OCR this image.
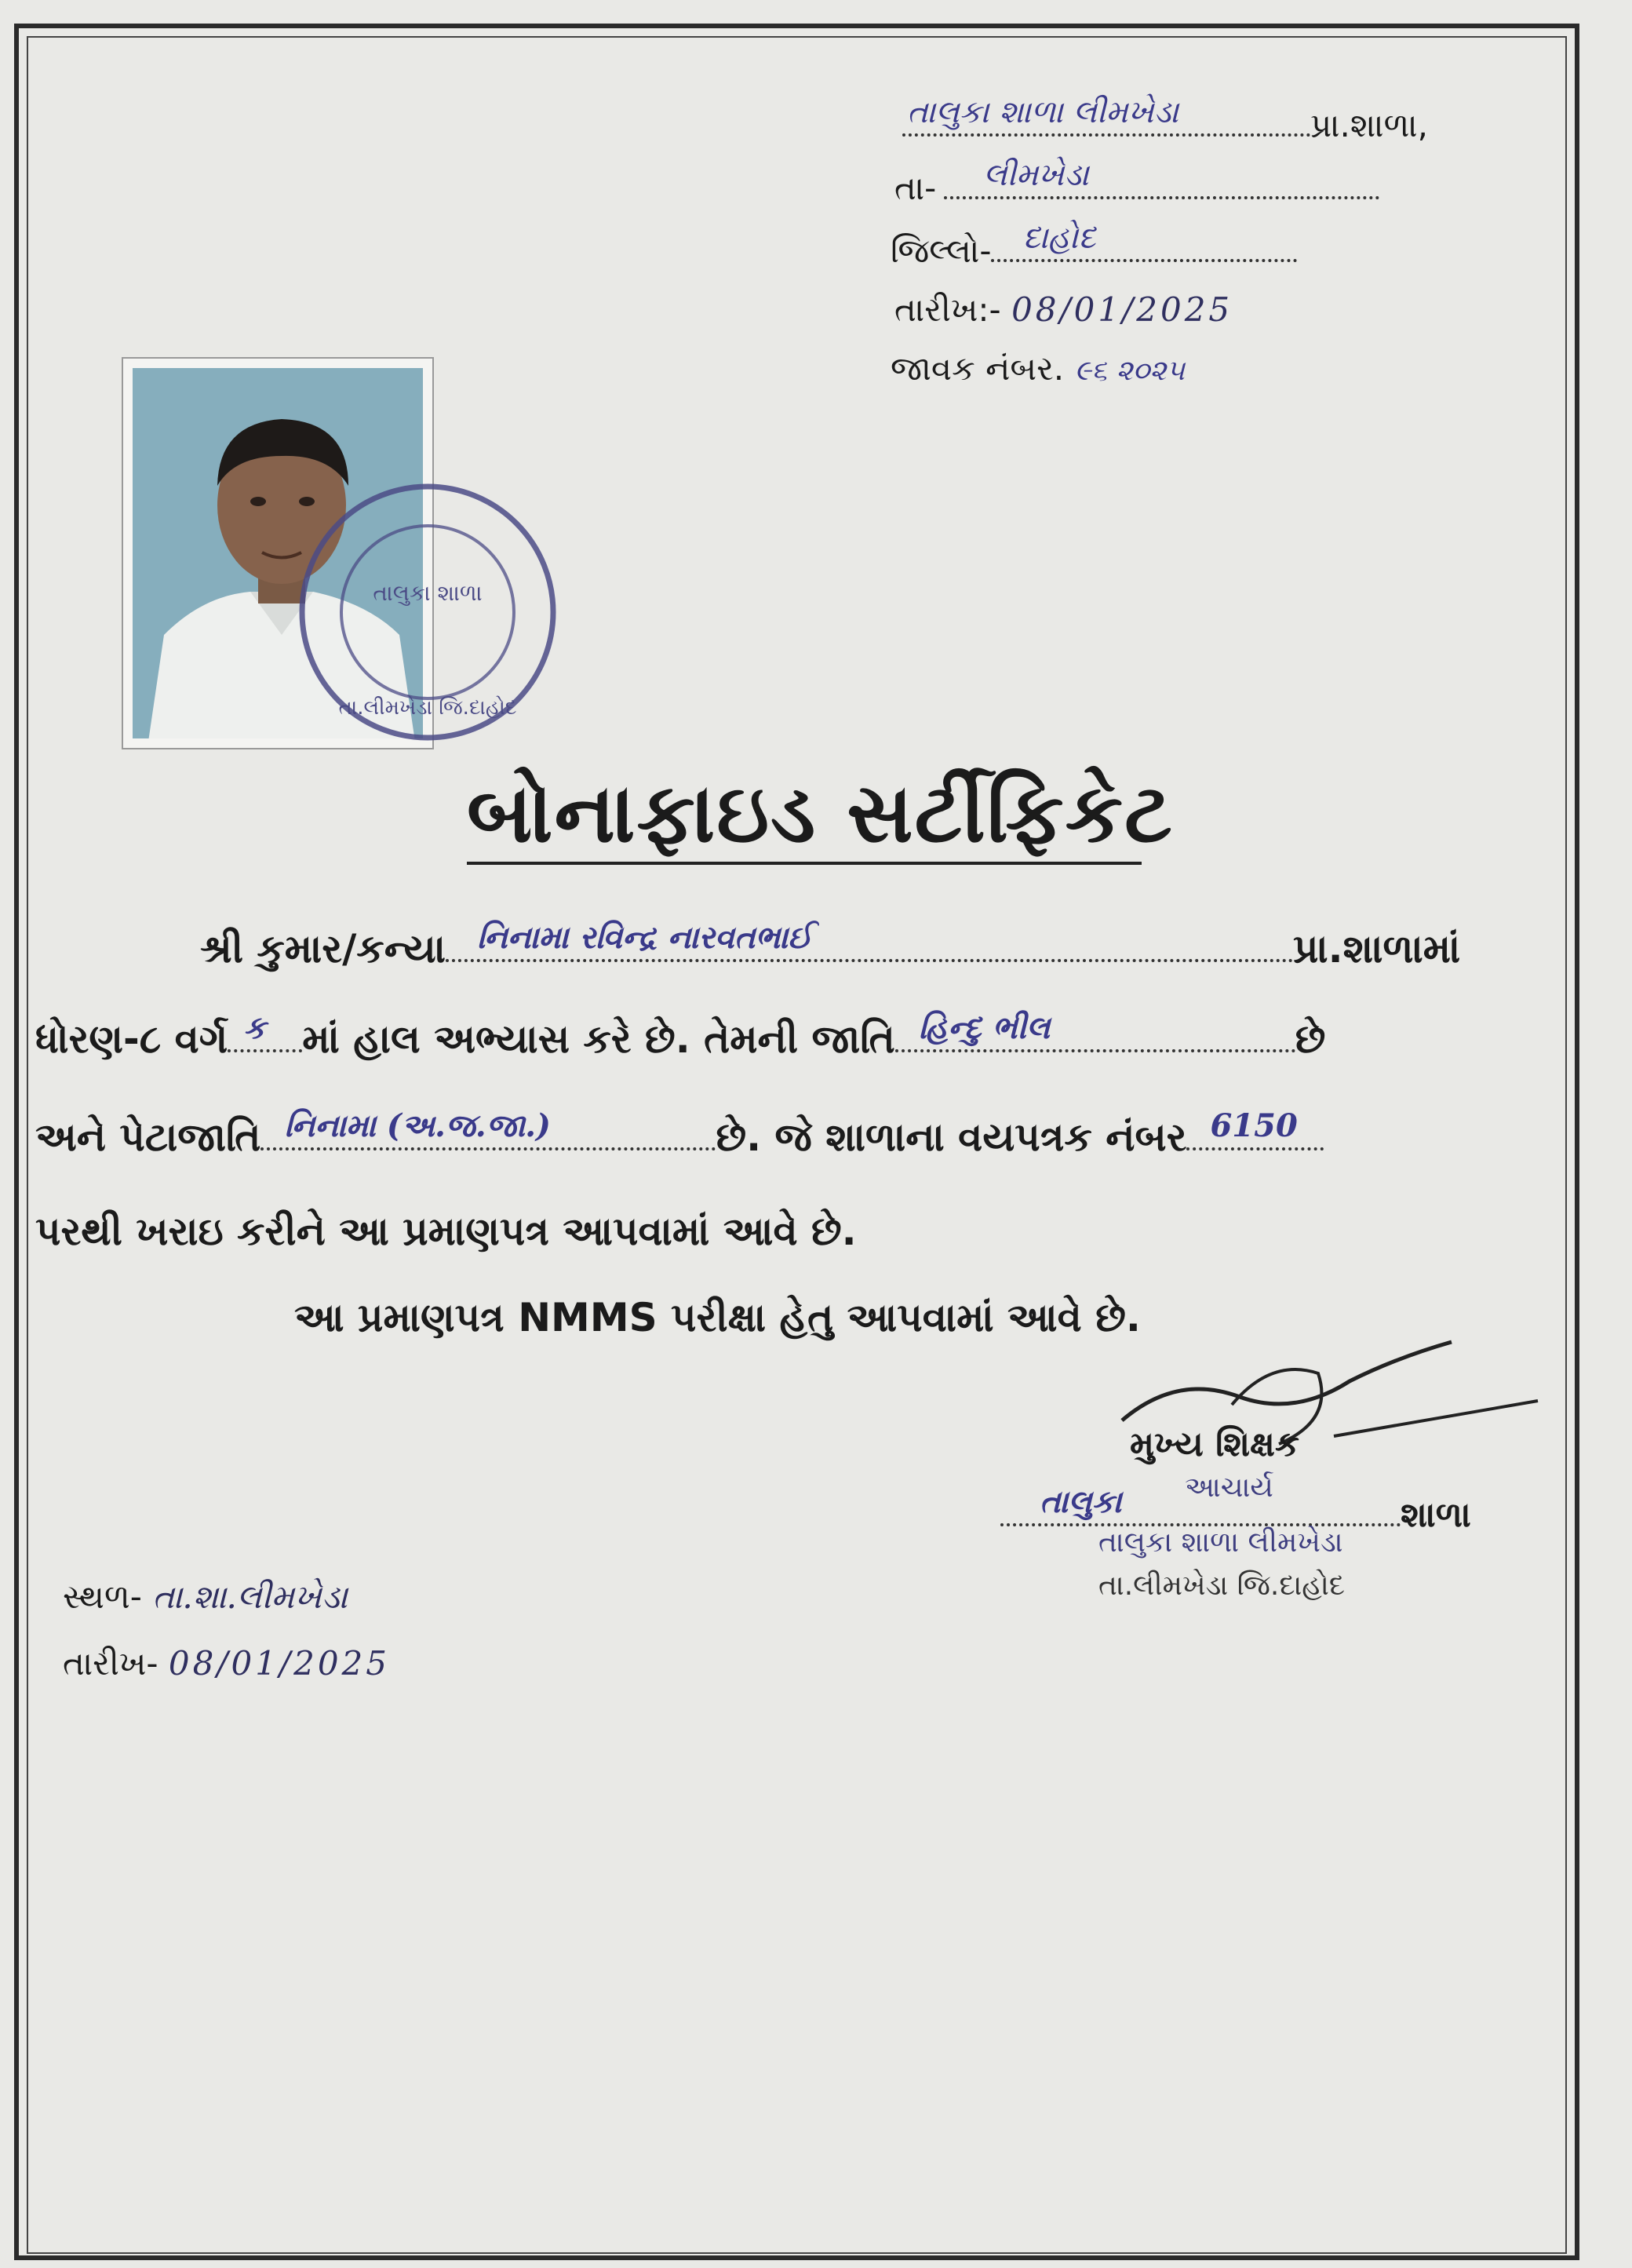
તાલુકા શાળા લીમખેડા	પ્રા.શાળા,
તા- લીમખેડા
જિલ્લો- દાહોદ
તારીખ:- 08/01/2025
જાવક નંબર. ૯૬ ૨૦૨૫
તાલુકા શાળા
તા.લીમખેડા જિ.દાહોદ
બોનાફાઇડ સર્ટીફિકેટ
શ્રી કુમાર/કન્યા નિનામા રવિન્દ્ર નારવતભાઈ	પ્રા.શાળામાં
ધોરણ-૮ વર્ગ ક માં હાલ અભ્યાસ કરે છે. તેમની જાતિ હિન્દુ ભીલ	છે
અને પેટાજાતિ નિનામા (અ.જ.જા.)	છે. જે શાળાના વયપત્રક નંબર 6150
પરથી ખરાઇ કરીને આ પ્રમાણપત્ર આપવામાં આવે છે.
આ પ્રમાણપત્ર NMMS પરીક્ષા હેતુ આપવામાં આવે છે.
મુખ્ય શિક્ષક
તાલુકા	શાળા
આચાર્ય
તાલુકા શાળા લીમખેડા
તા.લીમખેડા જિ.દાહોદ
સ્થળ- તા.શા.લીમખેડા
તારીખ- 08/01/2025
